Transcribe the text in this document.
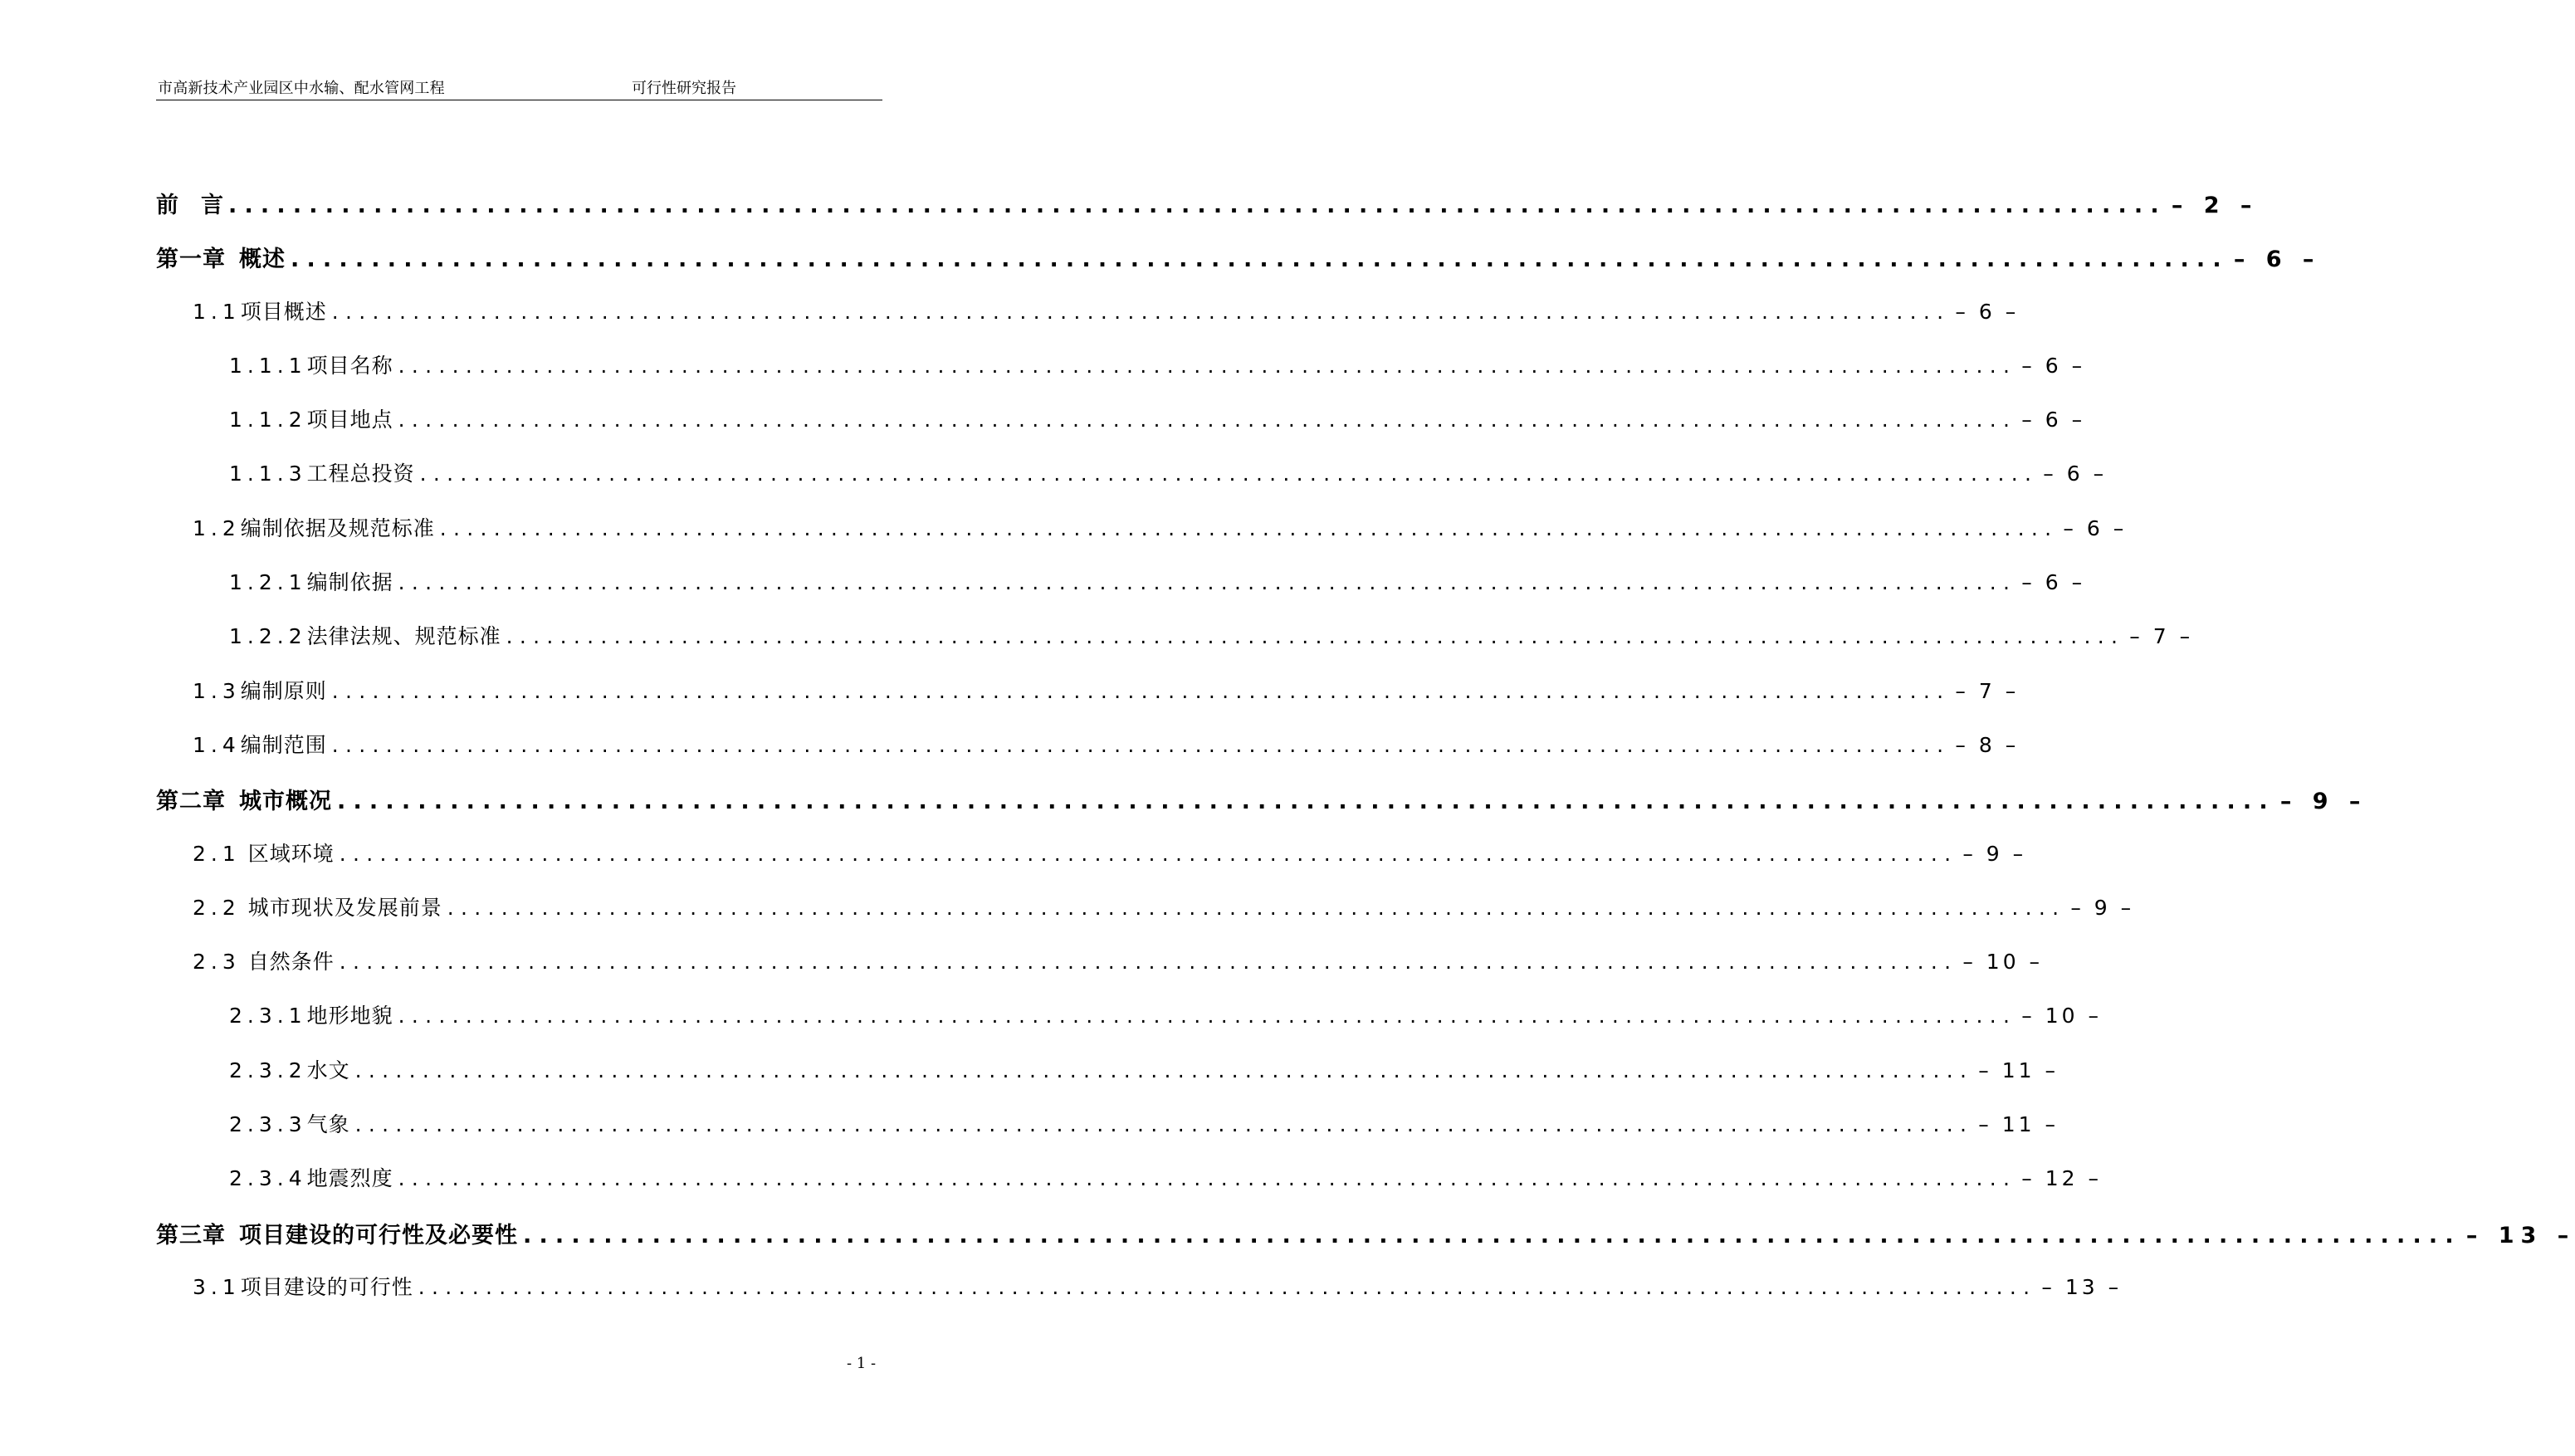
市高新技术产业园区中水输、配水管网工程	可行性研究报告
前　言 ........................................................................................................................ – 2 –
第一章 概述 ........................................................................................................................ – 6 –
1.1 项目概述 ........................................................................................................................ – 6 –
1.1.1 项目名称 ........................................................................................................................ – 6 –
1.1.2 项目地点 ........................................................................................................................ – 6 –
1.1.3 工程总投资 ........................................................................................................................ – 6 –
1.2 编制依据及规范标准 ........................................................................................................................ – 6 –
1.2.1 编制依据 ........................................................................................................................ – 6 –
1.2.2 法律法规、规范标准 ........................................................................................................................ – 7 –
1.3 编制原则 ........................................................................................................................ – 7 –
1.4 编制范围 ........................................................................................................................ – 8 –
第二章 城市概况 ........................................................................................................................ – 9 –
2.1 区域环境 ........................................................................................................................ – 9 –
2.2 城市现状及发展前景 ........................................................................................................................ – 9 –
2.3 自然条件 ........................................................................................................................ – 10 –
2.3.1 地形地貌 ........................................................................................................................ – 10 –
2.3.2 水文 ........................................................................................................................ – 11 –
2.3.3 气象 ........................................................................................................................ – 11 –
2.3.4 地震烈度 ........................................................................................................................ – 12 –
第三章 项目建设的可行性及必要性 ........................................................................................................................ – 13 –
3.1 项目建设的可行性 ........................................................................................................................ – 13 –
- 1 -
